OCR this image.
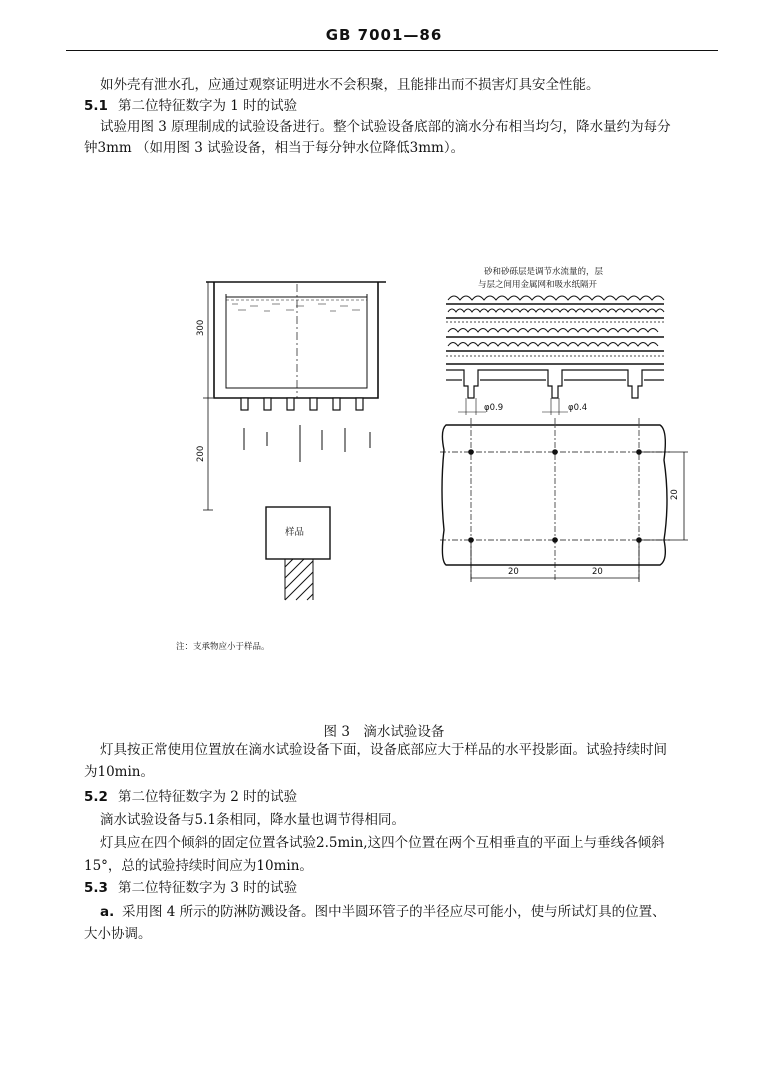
GB 7001—86
如外壳有泄水孔，应通过观察证明进水不会积聚，且能排出而不损害灯具安全性能。
5.1 第二位特征数字为 1 时的试验
试验用图 3 原理制成的试验设备进行。整个试验设备底部的滴水分布相当均匀，降水量约为每分
钟3mm （如用图 3 试验设备，相当于每分钟水位降低3mm）。
300
200
样品
砂和砂砾层是调节水流量的，层
与层之间用金属网和吸水纸隔开
φ0.9	φ0.4
20
20	20
注：支承物应小于样品。
图 3　滴水试验设备
灯具按正常使用位置放在滴水试验设备下面，设备底部应大于样品的水平投影面。试验持续时间
为10min。
5.2 第二位特征数字为 2 时的试验
滴水试验设备与5.1条相同，降水量也调节得相同。
灯具应在四个倾斜的固定位置各试验2.5min,这四个位置在两个互相垂直的平面上与垂线各倾斜
15°，总的试验持续时间应为10min。
5.3 第二位特征数字为 3 时的试验
a. 采用图 4 所示的防淋防溅设备。图中半圆环管子的半径应尽可能小，使与所试灯具的位置、
大小协调。
